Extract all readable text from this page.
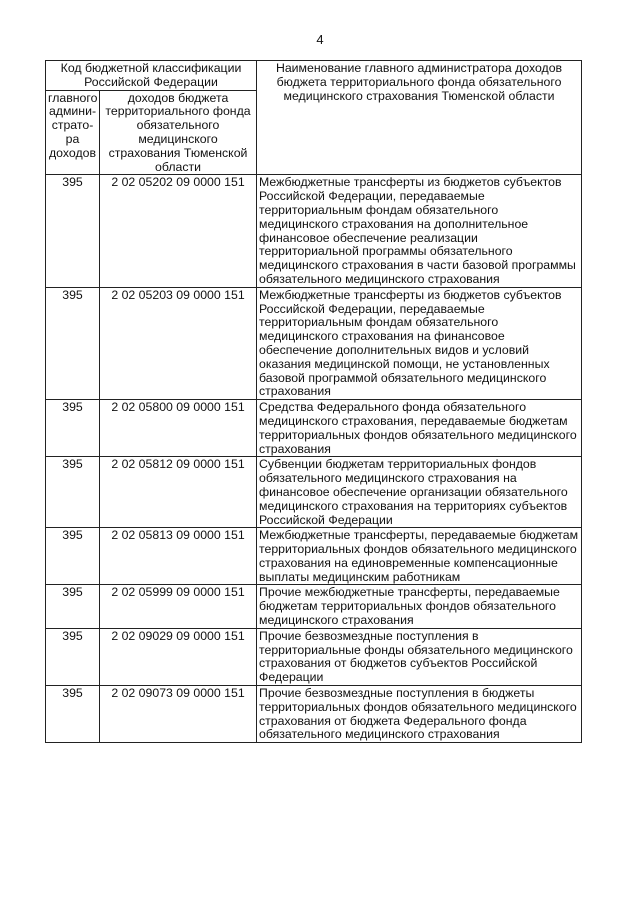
4
Код бюджетной классификации Российской Федерации		Наименование главного администратора доходов бюджета территориального фонда обязательного медицинского страхования Тюменской области
главного админи-страто-ра доходов	доходов бюджета территориального фонда обязательного медицинского страхования Тюменской области	
395	2 02 05202 09 0000 151	Межбюджетные трансферты из бюджетов субъектов Российской Федерации, передаваемые территориальным фондам обязательного медицинского страхования на дополнительное финансовое обеспечение реализации территориальной программы обязательного медицинского страхования в части базовой программы обязательного медицинского страхования
395	2 02 05203 09 0000 151	Межбюджетные трансферты из бюджетов субъектов Российской Федерации, передаваемые территориальным фондам обязательного медицинского страхования на финансовое обеспечение дополнительных видов и условий оказания медицинской помощи, не установленных базовой программой обязательного медицинского страхования
395	2 02 05800 09 0000 151	Средства Федерального фонда обязательного медицинского страхования, передаваемые бюджетам территориальных фондов обязательного медицинского страхования
395	2 02 05812 09 0000 151	Субвенции бюджетам территориальных фондов обязательного медицинского страхования на финансовое обеспечение организации обязательного медицинского страхования на территориях субъектов Российской Федерации
395	2 02 05813 09 0000 151	Межбюджетные трансферты, передаваемые бюджетам территориальных фондов обязательного медицинского страхования на единовременные компенсационные выплаты медицинским работникам
395	2 02 05999 09 0000 151	Прочие межбюджетные трансферты, передаваемые бюджетам территориальных фондов обязательного медицинского страхования
395	2 02 09029 09 0000 151	Прочие безвозмездные поступления в территориальные фонды обязательного медицинского страхования от бюджетов субъектов Российской Федерации
395	2 02 09073 09 0000 151	Прочие безвозмездные поступления в бюджеты территориальных фондов обязательного медицинского страхования от бюджета Федерального фонда обязательного медицинского страхования
